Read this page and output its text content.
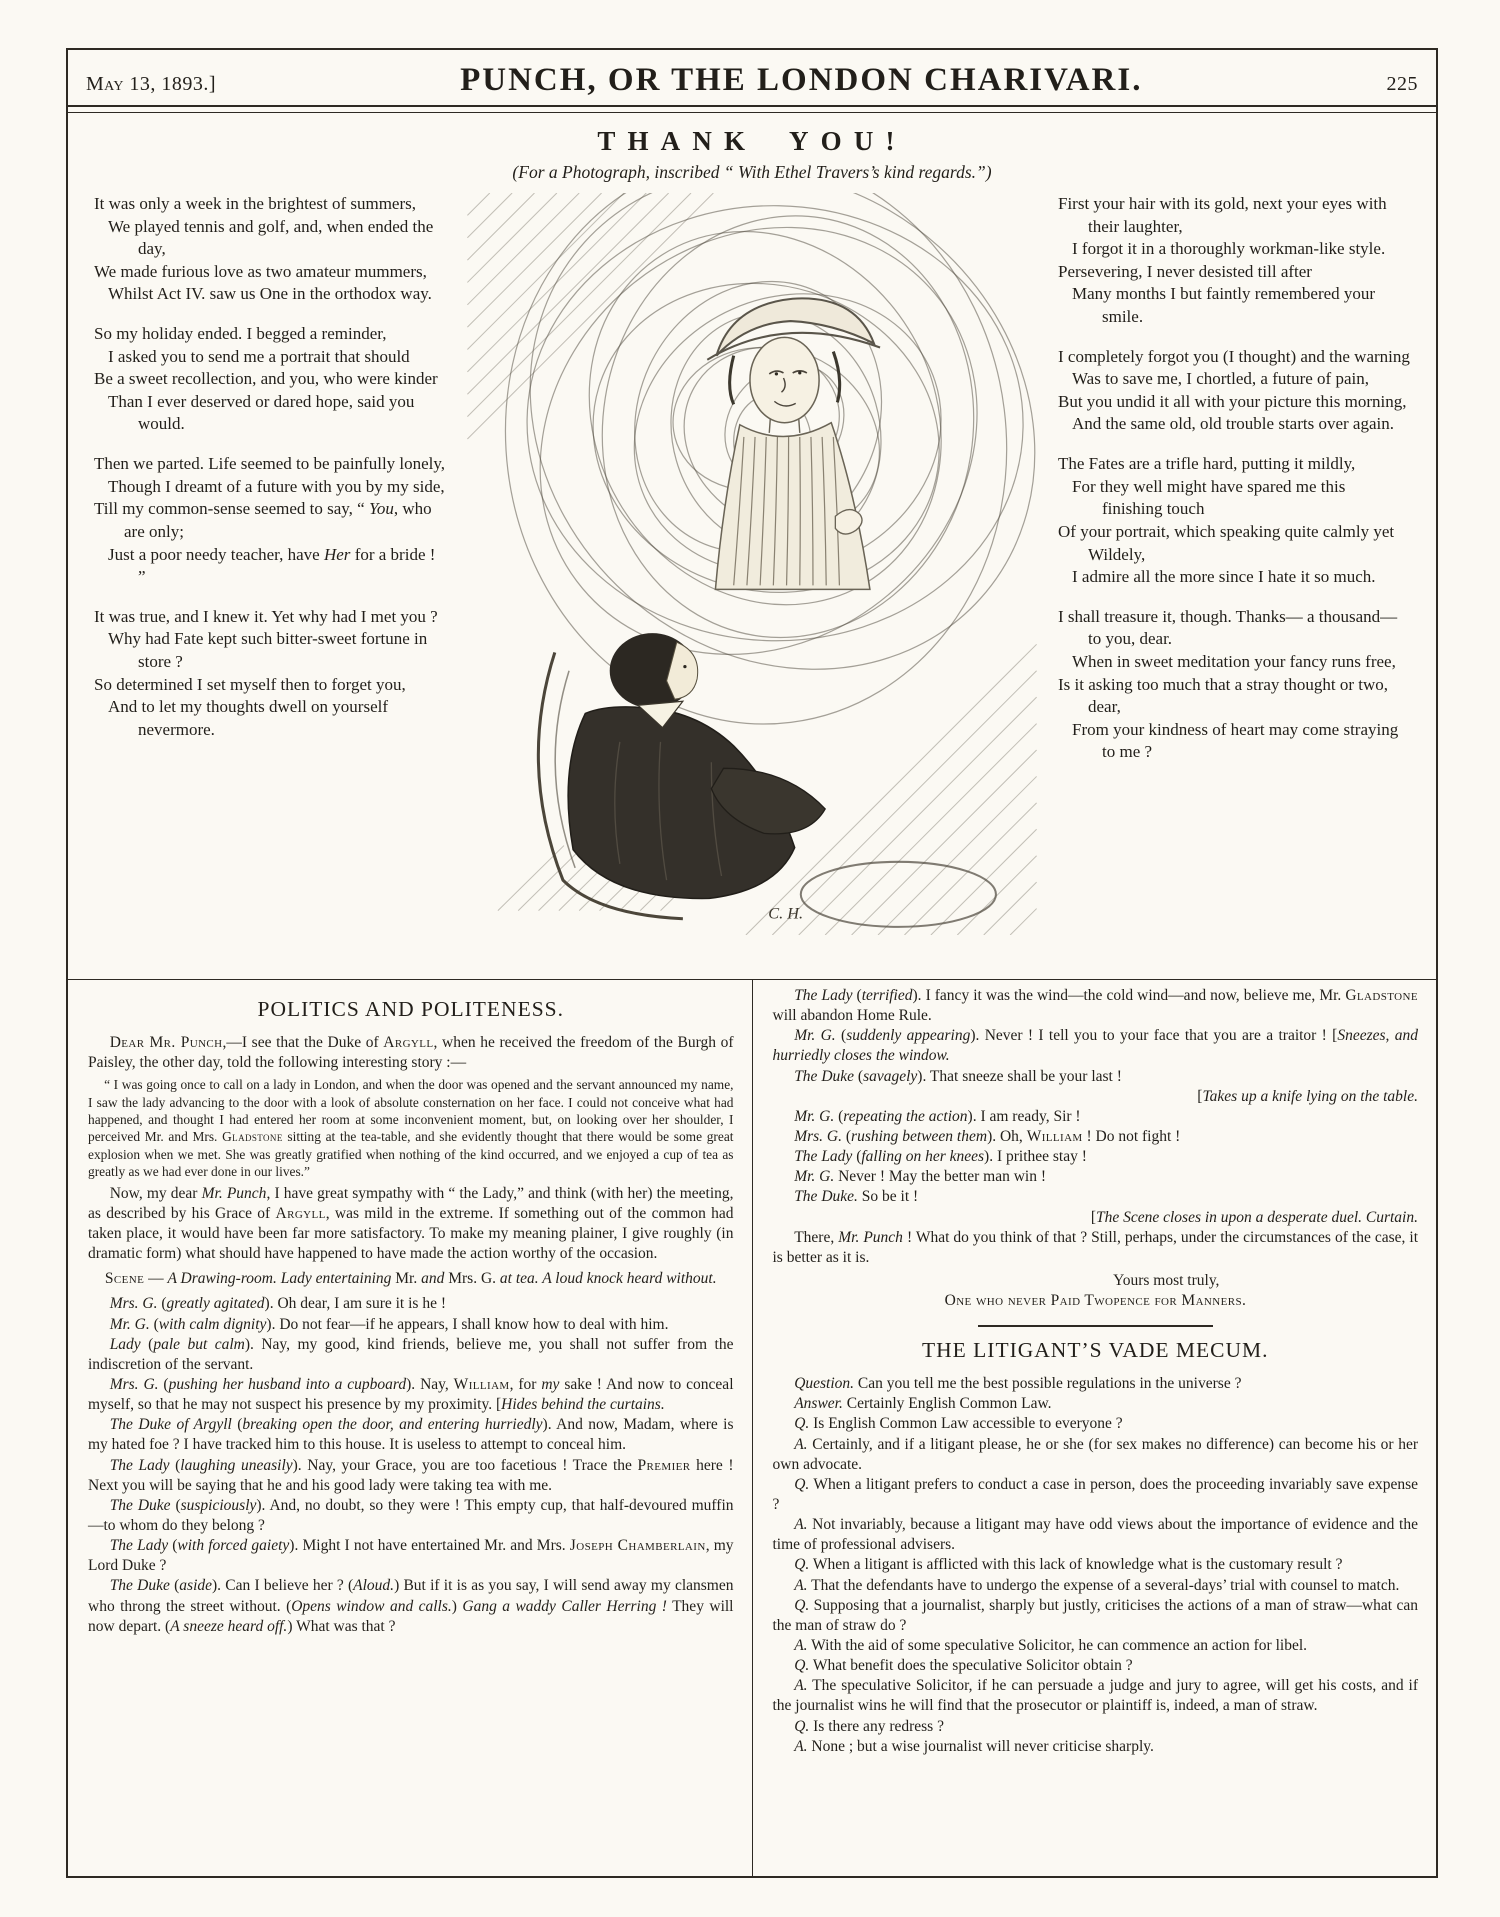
May 13, 1893.]	PUNCH, OR THE LONDON CHARIVARI.	225
THANK YOU!
(For a Photograph, inscribed “ With Ethel Travers’s kind regards.”)
It was only a week in the brightest of summers,
We played tennis and golf, and, when ended the day,
We made furious love as two amateur mummers,
Whilst Act IV. saw us One in the orthodox way.
So my holiday ended. I begged a reminder,
I asked you to send me a portrait that should
Be a sweet recollection, and you, who were kinder
Than I ever deserved or dared hope, said you would.
Then we parted. Life seemed to be painfully lonely,
Though I dreamt of a future with you by my side,
Till my common-sense seemed to say, “ You, who are only;
Just a poor needy teacher, have Her for a bride ! ”
It was true, and I knew it. Yet why had I met you ?
Why had Fate kept such bitter-sweet fortune in store ?
So determined I set myself then to forget you,
And to let my thoughts dwell on yourself nevermore.
C. H.
First your hair with its gold, next your eyes with their laughter,
I forgot it in a thoroughly workman-like style.
Persevering, I never desisted till after
Many months I but faintly remembered your smile.
I completely forgot you (I thought) and the warning
Was to save me, I chortled, a future of pain,
But you undid it all with your picture this morning,
And the same old, old trouble starts over again.
The Fates are a trifle hard, putting it mildly,
For they well might have spared me this finishing touch
Of your portrait, which speaking quite calmly yet Wildely,
I admire all the more since I hate it so much.
I shall treasure it, though. Thanks— a thousand—to you, dear.
When in sweet meditation your fancy runs free,
Is it asking too much that a stray thought or two, dear,
From your kindness of heart may come straying to me ?
POLITICS AND POLITENESS.

Dear Mr. Punch,—I see that the Duke of Argyll, when he received the freedom of the Burgh of Paisley, the other day, told the following interesting story :—

“ I was going once to call on a lady in London, and when the door was opened and the servant announced my name, I saw the lady advancing to the door with a look of absolute consternation on her face. I could not conceive what had happened, and thought I had entered her room at some inconvenient moment, but, on looking over her shoulder, I perceived Mr. and Mrs. Gladstone sitting at the tea-table, and she evidently thought that there would be some great explosion when we met. She was greatly gratified when nothing of the kind occurred, and we enjoyed a cup of tea as greatly as we had ever done in our lives.”

Now, my dear Mr. Punch, I have great sympathy with “ the Lady,” and think (with her) the meeting, as described by his Grace of Argyll, was mild in the extreme. If something out of the common had taken place, it would have been far more satisfactory. To make my meaning plainer, I give roughly (in dramatic form) what should have happened to have made the action worthy of the occasion.

Scene — A Drawing-room. Lady entertaining Mr. and Mrs. G. at tea. A loud knock heard without.

Mrs. G. (greatly agitated). Oh dear, I am sure it is he !

Mr. G. (with calm dignity). Do not fear—if he appears, I shall know how to deal with him.

Lady (pale but calm). Nay, my good, kind friends, believe me, you shall not suffer from the indiscretion of the servant.

Mrs. G. (pushing her husband into a cupboard). Nay, William, for my sake ! And now to conceal myself, so that he may not suspect his presence by my proximity. [Hides behind the curtains.

The Duke of Argyll (breaking open the door, and entering hurriedly). And now, Madam, where is my hated foe ? I have tracked him to this house. It is useless to attempt to conceal him.

The Lady (laughing uneasily). Nay, your Grace, you are too facetious ! Trace the Premier here ! Next you will be saying that he and his good lady were taking tea with me.

The Duke (suspiciously). And, no doubt, so they were ! This empty cup, that half-devoured muffin—to whom do they belong ?

The Lady (with forced gaiety). Might I not have entertained Mr. and Mrs. Joseph Chamberlain, my Lord Duke ?

The Duke (aside). Can I believe her ? (Aloud.) But if it is as you say, I will send away my clansmen who throng the street without. (Opens window and calls.) Gang a waddy Caller Herring ! They will now depart. (A sneeze heard off.) What was that ?

The Lady (terrified). I fancy it was the wind—the cold wind—and now, believe me, Mr. Gladstone will abandon Home Rule.

Mr. G. (suddenly appearing). Never ! I tell you to your face that you are a traitor ! [Sneezes, and hurriedly closes the window.

The Duke (savagely). That sneeze shall be your last !

[Takes up a knife lying on the table.

Mr. G. (repeating the action). I am ready, Sir !

Mrs. G. (rushing between them). Oh, William ! Do not fight !

The Lady (falling on her knees). I prithee stay !

Mr. G. Never ! May the better man win !

The Duke. So be it !

[The Scene closes in upon a desperate duel. Curtain.

There, Mr. Punch ! What do you think of that ? Still, perhaps, under the circumstances of the case, it is better as it is.

Yours most truly,

One who never Paid Twopence for Manners.

THE LITIGANT’S VADE MECUM.

Question. Can you tell me the best possible regulations in the universe ?

Answer. Certainly English Common Law.

Q. Is English Common Law accessible to everyone ?

A. Certainly, and if a litigant please, he or she (for sex makes no difference) can become his or her own advocate.

Q. When a litigant prefers to conduct a case in person, does the proceeding invariably save expense ?

A. Not invariably, because a litigant may have odd views about the importance of evidence and the time of professional advisers.

Q. When a litigant is afflicted with this lack of knowledge what is the customary result ?

A. That the defendants have to undergo the expense of a several-days’ trial with counsel to match.

Q. Supposing that a journalist, sharply but justly, criticises the actions of a man of straw—what can the man of straw do ?

A. With the aid of some speculative Solicitor, he can commence an action for libel.

Q. What benefit does the speculative Solicitor obtain ?

A. The speculative Solicitor, if he can persuade a judge and jury to agree, will get his costs, and if the journalist wins he will find that the prosecutor or plaintiff is, indeed, a man of straw.

Q. Is there any redress ?

A. None ; but a wise journalist will never criticise sharply.
